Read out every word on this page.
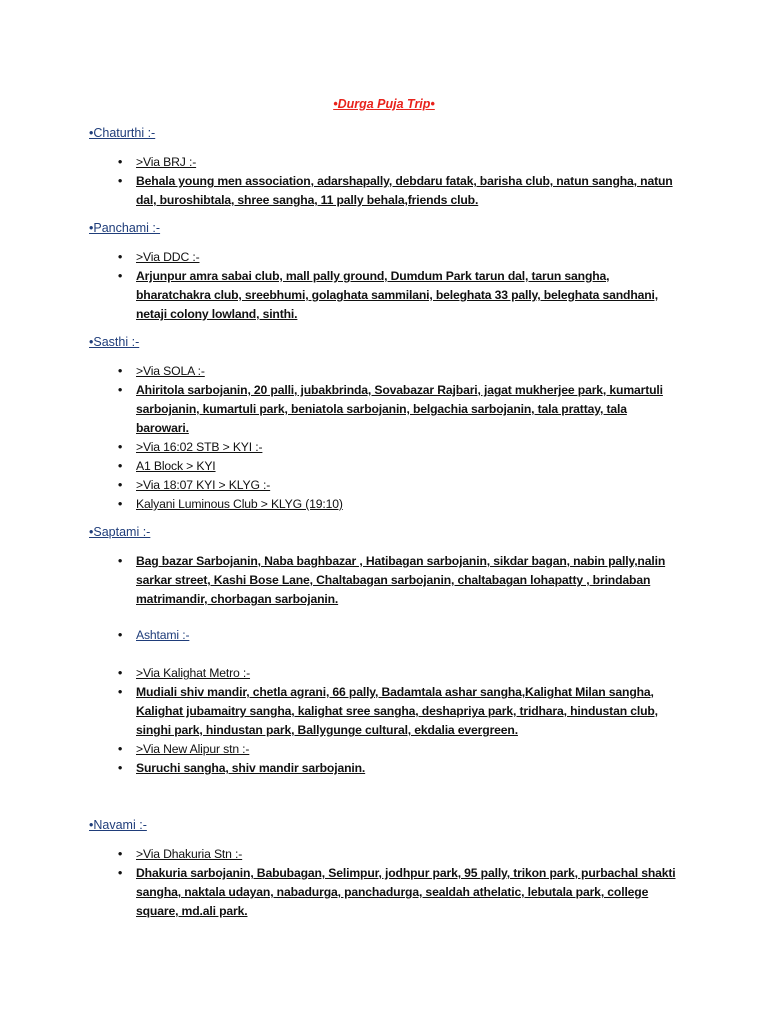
•Durga Puja Trip•
•Chaturthi :-
• >Via BRJ :-
• Behala young men association, adarshapally, debdaru fatak, barisha club, natun sangha, natun dal, buroshibtala, shree sangha, 11 pally behala,friends club.
•Panchami :-
• >Via DDC :-
• Arjunpur amra sabai club, mall pally ground, Dumdum Park tarun dal, tarun sangha, bharatchakra club, sreebhumi, golaghata sammilani, beleghata 33 pally, beleghata sandhani, netaji colony lowland, sinthi.
•Sasthi :-
• >Via SOLA :-
• Ahiritola sarbojanin, 20 palli, jubakbrinda, Sovabazar Rajbari, jagat mukherjee park, kumartuli sarbojanin, kumartuli park, beniatola sarbojanin, belgachia sarbojanin, tala prattay, tala barowari.
• >Via 16:02 STB > KYI :-
• A1 Block > KYI
• >Via 18:07 KYI > KLYG :-
• Kalyani Luminous Club > KLYG (19:10)
•Saptami :-
• Bag bazar Sarbojanin, Naba baghbazar , Hatibagan sarbojanin, sikdar bagan, nabin pally,nalin sarkar street, Kashi Bose Lane, Chaltabagan sarbojanin, chaltabagan lohapatty , brindaban matrimandir, chorbagan sarbojanin.
• Ashtami :-
• >Via Kalighat Metro :-
• Mudiali shiv mandir, chetla agrani, 66 pally, Badamtala ashar sangha,Kalighat Milan sangha, Kalighat jubamaitry sangha, kalighat sree sangha, deshapriya park, tridhara, hindustan club, singhi park, hindustan park, Ballygunge cultural, ekdalia evergreen.
• >Via New Alipur stn :-
• Suruchi sangha, shiv mandir sarbojanin.
•Navami :-
• >Via Dhakuria Stn :-
• Dhakuria sarbojanin, Babubagan, Selimpur, jodhpur park, 95 pally, trikon park, purbachal shakti sangha, naktala udayan, nabadurga, panchadurga, sealdah athelatic, lebutala park, college square, md.ali park.
